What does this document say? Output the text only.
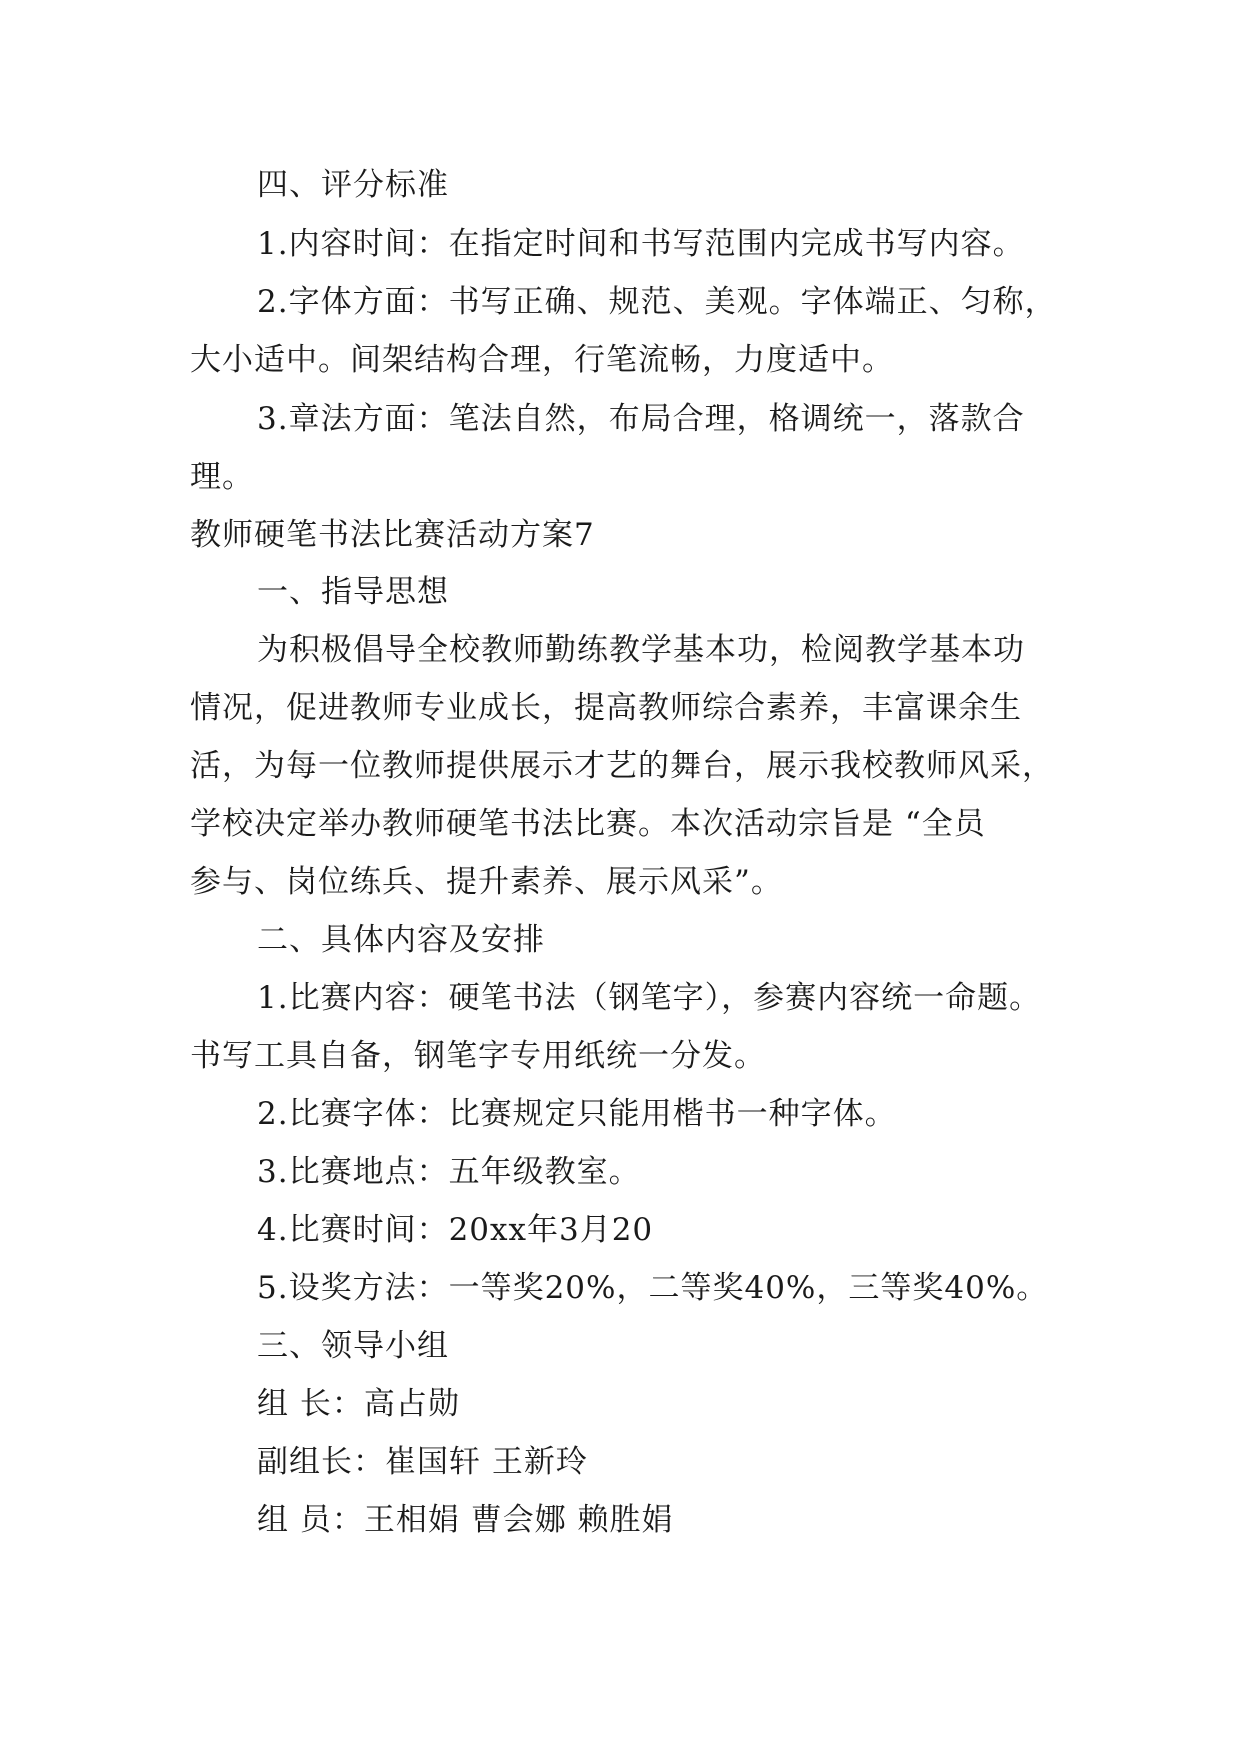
四、评分标准
1.内容时间：在指定时间和书写范围内完成书写内容。
2.字体方面：书写正确、规范、美观。字体端正、匀称，
大小适中。间架结构合理，行笔流畅，力度适中。
3.章法方面：笔法自然，布局合理，格调统一，落款合
理。
教师硬笔书法比赛活动方案7
一、指导思想
为积极倡导全校教师勤练教学基本功，检阅教学基本功
情况，促进教师专业成长，提高教师综合素养，丰富课余生
活，为每一位教师提供展示才艺的舞台，展示我校教师风采，
学校决定举办教师硬笔书法比赛。本次活动宗旨是 “全员
参与、岗位练兵、提升素养、展示风采”。
二、具体内容及安排
1.比赛内容：硬笔书法（钢笔字），参赛内容统一命题。
书写工具自备，钢笔字专用纸统一分发。
2.比赛字体：比赛规定只能用楷书一种字体。
3.比赛地点：五年级教室。
4.比赛时间：20xx年3月20
5.设奖方法：一等奖20%，二等奖40%，三等奖40%。
三、领导小组
组 长：高占勋
副组长：崔国轩 王新玲
组 员：王相娟 曹会娜 赖胜娟
